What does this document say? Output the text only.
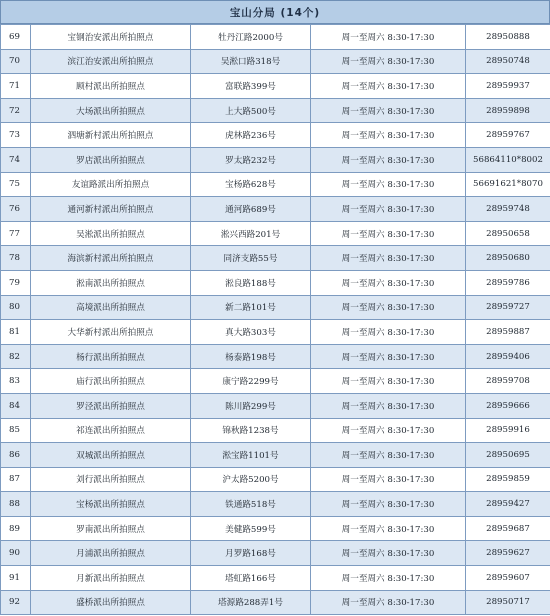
宝山分局 (14个)
69	宝钢治安派出所拍照点	牡丹江路2000号	周一至周六 8:30-17:30	28950888
70	滨江治安派出所拍照点	吴淞口路318号	周一至周六 8:30-17:30	28950748
71	顾村派出所拍照点	富联路399号	周一至周六 8:30-17:30	28959937
72	大场派出所拍照点	上大路500号	周一至周六 8:30-17:30	28959898
73	泗塘新村派出所拍照点	虎林路236号	周一至周六 8:30-17:30	28959767
74	罗店派出所拍照点	罗太路232号	周一至周六 8:30-17:30	56864110*8002
75	友谊路派出所拍照点	宝杨路628号	周一至周六 8:30-17:30	56691621*8070
76	通河新村派出所拍照点	通河路689号	周一至周六 8:30-17:30	28959748
77	吴淞派出所拍照点	淞兴西路201号	周一至周六 8:30-17:30	28950658
78	海滨新村派出所拍照点	同济支路55号	周一至周六 8:30-17:30	28950680
79	淞南派出所拍照点	淞良路188号	周一至周六 8:30-17:30	28959786
80	高境派出所拍照点	新二路101号	周一至周六 8:30-17:30	28959727
81	大华新村派出所拍照点	真大路303号	周一至周六 8:30-17:30	28959887
82	杨行派出所拍照点	杨泰路198号	周一至周六 8:30-17:30	28959406
83	庙行派出所拍照点	康宁路2299号	周一至周六 8:30-17:30	28959708
84	罗泾派出所拍照点	陈川路299号	周一至周六 8:30-17:30	28959666
85	祁连派出所拍照点	锦秋路1238号	周一至周六 8:30-17:30	28959916
86	双城派出所拍照点	淞宝路1101号	周一至周六 8:30-17:30	28950695
87	刘行派出所拍照点	沪太路5200号	周一至周六 8:30-17:30	28959859
88	宝杨派出所拍照点	铁通路518号	周一至周六 8:30-17:30	28959427
89	罗南派出所拍照点	美健路599号	周一至周六 8:30-17:30	28959687
90	月浦派出所拍照点	月罗路168号	周一至周六 8:30-17:30	28959627
91	月新派出所拍照点	塔虹路166号	周一至周六 8:30-17:30	28959607
92	盛桥派出所拍照点	塔源路288弄1号	周一至周六 8:30-17:30	28950717
